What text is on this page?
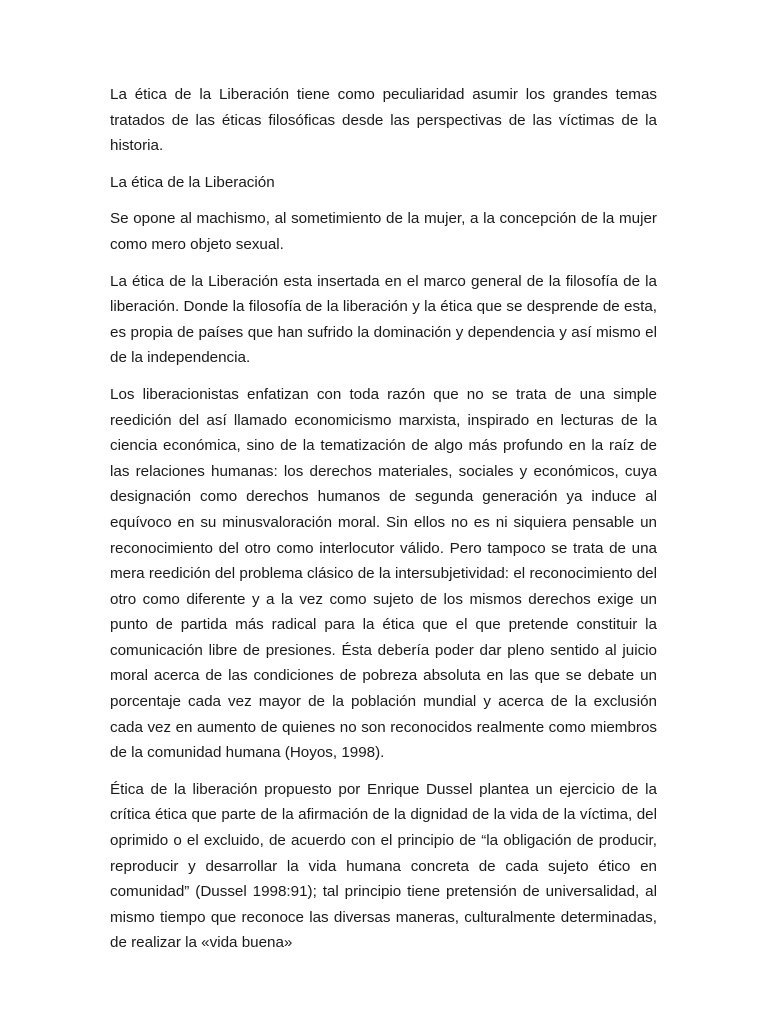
La ética de la Liberación tiene como peculiaridad asumir los grandes temas tratados de las éticas filosóficas desde las perspectivas de las víctimas de la historia.

La ética de la Liberación

Se opone al machismo, al sometimiento de la mujer, a la concepción de la mujer como mero objeto sexual.

La ética de la Liberación esta insertada en el marco general de la filosofía de la liberación. Donde la filosofía de la liberación y la ética que se desprende de esta, es propia de países que han sufrido la dominación y dependencia y así mismo el de la independencia.

Los liberacionistas enfatizan con toda razón que no se trata de una simple reedición del así llamado economicismo marxista, inspirado en lecturas de la ciencia económica, sino de la tematización de algo más profundo en la raíz de las relaciones humanas: los derechos materiales, sociales y económicos, cuya designación como derechos humanos de segunda generación ya induce al equívoco en su minusvaloración moral. Sin ellos no es ni siquiera pensable un reconocimiento del otro como interlocutor válido. Pero tampoco se trata de una mera reedición del problema clásico de la intersubjetividad: el reconocimiento del otro como diferente y a la vez como sujeto de los mismos derechos exige un punto de partida más radical para la ética que el que pretende constituir la comunicación libre de presiones. Ésta debería poder dar pleno sentido al juicio moral acerca de las condiciones de pobreza absoluta en las que se debate un porcentaje cada vez mayor de la población mundial y acerca de la exclusión cada vez en aumento de quienes no son reconocidos realmente como miembros de la comunidad humana (Hoyos, 1998).

Ética de la liberación propuesto por Enrique Dussel plantea un ejercicio de la crítica ética que parte de la afirmación de la dignidad de la vida de la víctima, del oprimido o el excluido, de acuerdo con el principio de “la obligación de producir, reproducir y desarrollar la vida humana concreta de cada sujeto ético en comunidad” (Dussel 1998:91); tal principio tiene pretensión de universalidad, al mismo tiempo que reconoce las diversas maneras, culturalmente determinadas, de realizar la «vida buena»
